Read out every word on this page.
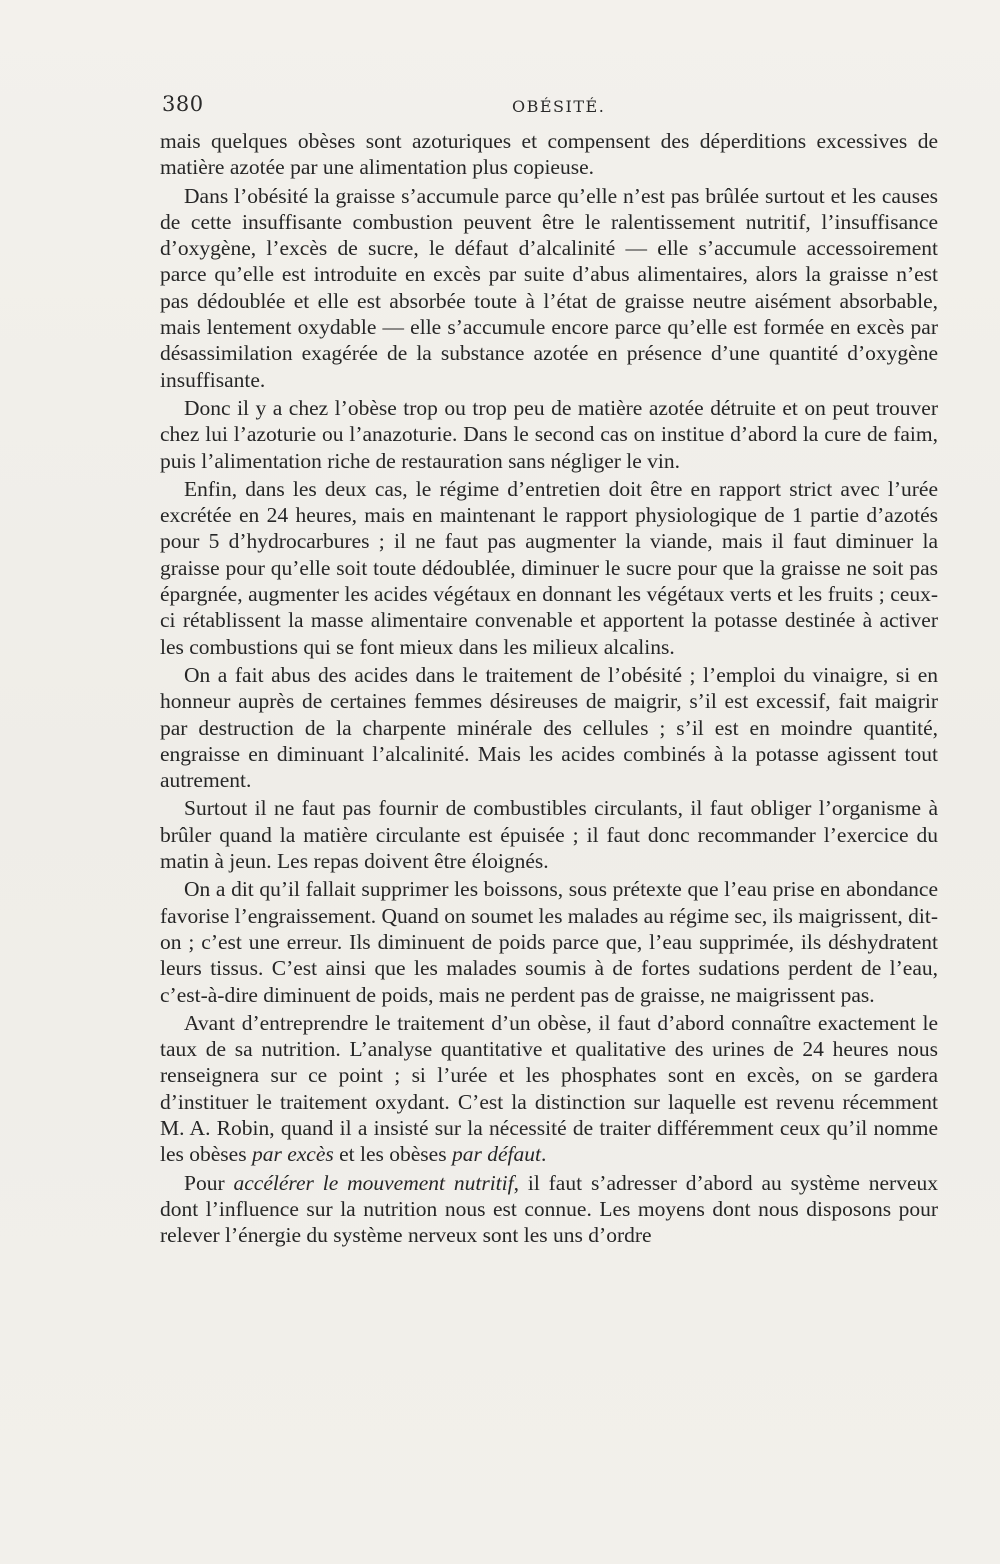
380	OBÉSITÉ.

mais quelques obèses sont azoturiques et compensent des déperditions excessives de matière azotée par une alimentation plus copieuse.

Dans l’obésité la graisse s’accumule parce qu’elle n’est pas brûlée surtout et les causes de cette insuffisante combustion peuvent être le ralentissement nutritif, l’insuffisance d’oxygène, l’excès de sucre, le défaut d’alcalinité — elle s’accumule accessoirement parce qu’elle est introduite en excès par suite d’abus alimentaires, alors la graisse n’est pas dédoublée et elle est absorbée toute à l’état de graisse neutre aisément absorbable, mais lentement oxydable — elle s’accumule encore parce qu’elle est formée en excès par désassimilation exagérée de la substance azotée en présence d’une quantité d’oxygène insuffisante.

Donc il y a chez l’obèse trop ou trop peu de matière azotée détruite et on peut trouver chez lui l’azoturie ou l’anazoturie. Dans le second cas on institue d’abord la cure de faim, puis l’alimentation riche de restauration sans négliger le vin.

Enfin, dans les deux cas, le régime d’entretien doit être en rapport strict avec l’urée excrétée en 24 heures, mais en maintenant le rapport physiologique de 1 partie d’azotés pour 5 d’hydrocarbures ; il ne faut pas augmenter la viande, mais il faut diminuer la graisse pour qu’elle soit toute dédoublée, diminuer le sucre pour que la graisse ne soit pas épargnée, augmenter les acides végétaux en donnant les végétaux verts et les fruits ; ceux-ci rétablissent la masse alimentaire convenable et apportent la potasse destinée à activer les combustions qui se font mieux dans les milieux alcalins.

On a fait abus des acides dans le traitement de l’obésité ; l’emploi du vinaigre, si en honneur auprès de certaines femmes désireuses de maigrir, s’il est excessif, fait maigrir par destruction de la charpente minérale des cellules ; s’il est en moindre quantité, engraisse en diminuant l’alcalinité. Mais les acides combinés à la potasse agissent tout autrement.

Surtout il ne faut pas fournir de combustibles circulants, il faut obliger l’organisme à brûler quand la matière circulante est épuisée ; il faut donc recommander l’exercice du matin à jeun. Les repas doivent être éloignés.

On a dit qu’il fallait supprimer les boissons, sous prétexte que l’eau prise en abondance favorise l’engraissement. Quand on soumet les malades au régime sec, ils maigrissent, dit-on ; c’est une erreur. Ils diminuent de poids parce que, l’eau supprimée, ils déshydratent leurs tissus. C’est ainsi que les malades soumis à de fortes sudations perdent de l’eau, c’est-à-dire diminuent de poids, mais ne perdent pas de graisse, ne maigrissent pas.

Avant d’entreprendre le traitement d’un obèse, il faut d’abord connaître exactement le taux de sa nutrition. L’analyse quantitative et qualitative des urines de 24 heures nous renseignera sur ce point ; si l’urée et les phosphates sont en excès, on se gardera d’instituer le traitement oxydant. C’est la distinction sur laquelle est revenu récemment M. A. Robin, quand il a insisté sur la nécessité de traiter différemment ceux qu’il nomme les obèses par excès et les obèses par défaut.

Pour accélérer le mouvement nutritif, il faut s’adresser d’abord au système nerveux dont l’influence sur la nutrition nous est connue. Les moyens dont nous disposons pour relever l’énergie du système nerveux sont les uns d’ordre
